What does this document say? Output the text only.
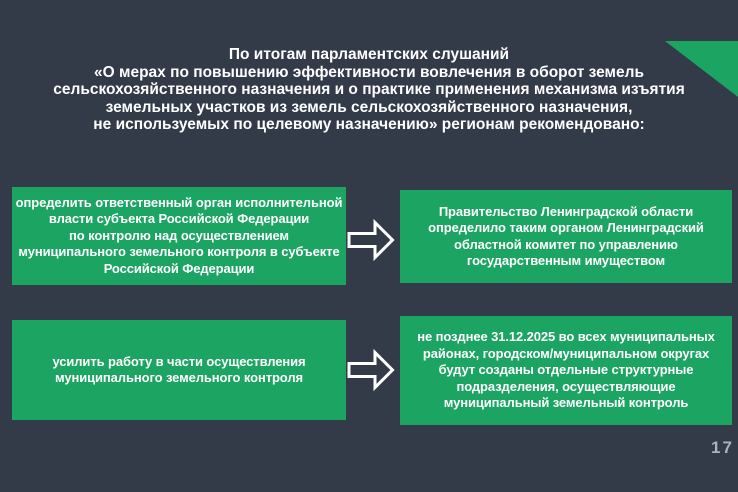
По итогам парламентских слушаний
«О мерах по повышению эффективности вовлечения в оборот земель
сельскохозяйственного назначения и о практике применения механизма изъятия
земельных участков из земель сельскохозяйственного назначения,
не используемых по целевому назначению» регионам рекомендовано:
определить ответственный орган исполнительной
власти субъекта Российской Федерации
по контролю над осуществлением
муниципального земельного контроля в субъекте
Российской Федерации
Правительство Ленинградской области
определило таким органом Ленинградский
областной комитет по управлению
государственным имуществом
усилить работу в части осуществления
муниципального земельного контроля
не позднее 31.12.2025 во всех муниципальных
районах, городском/муниципальном округах
будут созданы отдельные структурные
подразделения, осуществляющие
муниципальный земельный контроль
17
